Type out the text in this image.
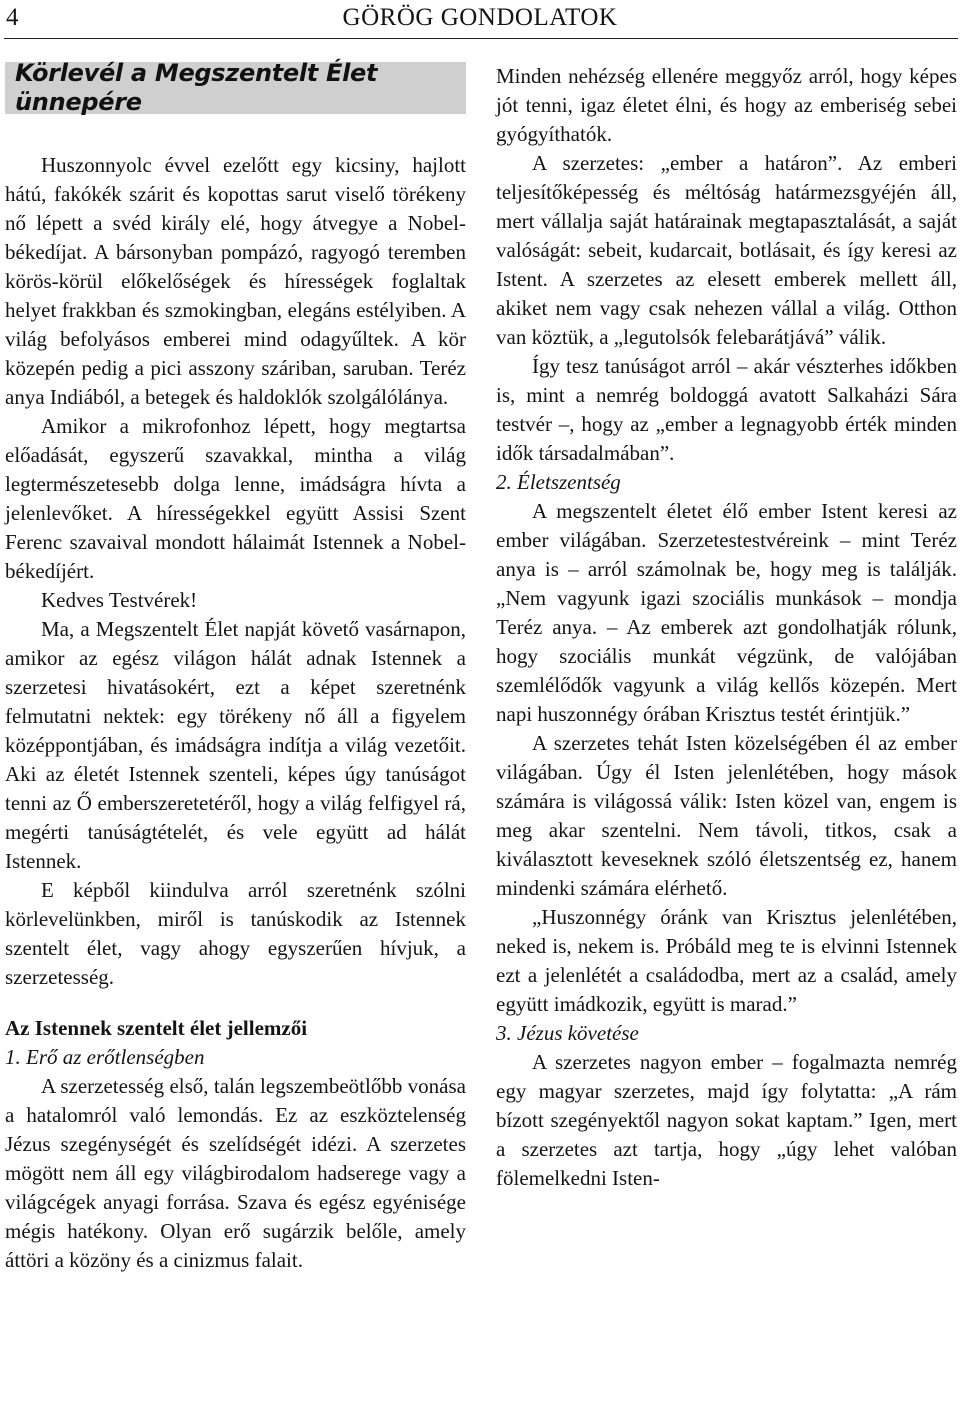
4	GÖRÖG GONDOLATOK
Körlevél a Megszentelt Élet ünnepére

Huszonnyolc évvel ezelőtt egy kicsiny, hajlott hátú, fakókék szárit és kopottas sarut viselő törékeny nő lépett a svéd király elé, hogy átvegye a Nobel-békedíjat. A bársonyban pompázó, ragyogó teremben körös-körül előkelőségek és hírességek foglaltak helyet frakkban és szmokingban, elegáns estélyiben. A világ befolyásos emberei mind odagyűltek. A kör közepén pedig a pici asszony száriban, saruban. Teréz anya Indiából, a betegek és haldoklók szolgálólánya.

Amikor a mikrofonhoz lépett, hogy megtartsa előadását, egyszerű szavakkal, mintha a világ legtermészetesebb dolga lenne, imádságra hívta a jelenlevőket. A hírességekkel együtt Assisi Szent Ferenc szavaival mondott hálaimát Istennek a Nobel-békedíjért.

Kedves Testvérek!

Ma, a Megszentelt Élet napját követő vasárnapon, amikor az egész világon hálát adnak Istennek a szerzetesi hivatásokért, ezt a képet szeretnénk felmutatni nektek: egy törékeny nő áll a figyelem középpontjában, és imádságra indítja a világ vezetőit. Aki az életét Istennek szenteli, képes úgy tanúságot tenni az Ő emberszeretetéről, hogy a világ felfigyel rá, megérti tanúságtételét, és vele együtt ad hálát Istennek.

E képből kiindulva arról szeretnénk szólni körlevelünkben, miről is tanúskodik az Istennek szentelt élet, vagy ahogy egyszerűen hívjuk, a szerzetesség.

Az Istennek szentelt élet jellemzői

1. Erő az erőtlenségben

A szerzetesség első, talán legszembeötlőbb vonása a hatalomról való lemondás. Ez az eszköztelenség Jézus szegénységét és szelídségét idézi. A szerzetes mögött nem áll egy világbirodalom hadserege vagy a világcégek anyagi forrása. Szava és egész egyénisége mégis hatékony. Olyan erő sugárzik belőle, amely áttöri a közöny és a cinizmus falait.

Minden nehézség ellenére meggyőz arról, hogy képes jót tenni, igaz életet élni, és hogy az emberiség sebei gyógyíthatók.

A szerzetes: „ember a határon”. Az emberi teljesítőképesség és méltóság határmezsgyéjén áll, mert vállalja saját határainak megtapasztalását, a saját valóságát: sebeit, kudarcait, botlásait, és így keresi az Istent. A szerzetes az elesett emberek mellett áll, akiket nem vagy csak nehezen vállal a világ. Otthon van köztük, a „legutolsók felebarátjává” válik.

Így tesz tanúságot arról – akár vészterhes időkben is, mint a nemrég boldoggá avatott Salkaházi Sára testvér –, hogy az „ember a legnagyobb érték minden idők társadalmában”.

2. Életszentség

A megszentelt életet élő ember Istent keresi az ember világában. Szerzetestestvéreink – mint Teréz anya is – arról számolnak be, hogy meg is találják. „Nem vagyunk igazi szociális munkások – mondja Teréz anya. – Az emberek azt gondolhatják rólunk, hogy szociális munkát végzünk, de valójában szemlélődők vagyunk a világ kellős közepén. Mert napi huszonnégy órában Krisztus testét érintjük.”

A szerzetes tehát Isten közelségében él az ember világában. Úgy él Isten jelenlétében, hogy mások számára is világossá válik: Isten közel van, engem is meg akar szentelni. Nem távoli, titkos, csak a kiválasztott keveseknek szóló életszentség ez, hanem mindenki számára elérhető.

„Huszonnégy óránk van Krisztus jelenlétében, neked is, nekem is. Próbáld meg te is elvinni Istennek ezt a jelenlétét a családodba, mert az a család, amely együtt imádkozik, együtt is marad.”

3. Jézus követése

A szerzetes nagyon ember – fogalmazta nemrég egy magyar szerzetes, majd így folytatta: „A rám bízott szegényektől nagyon sokat kaptam.” Igen, mert a szerzetes azt tartja, hogy „úgy lehet valóban fölemelkedni Isten-
